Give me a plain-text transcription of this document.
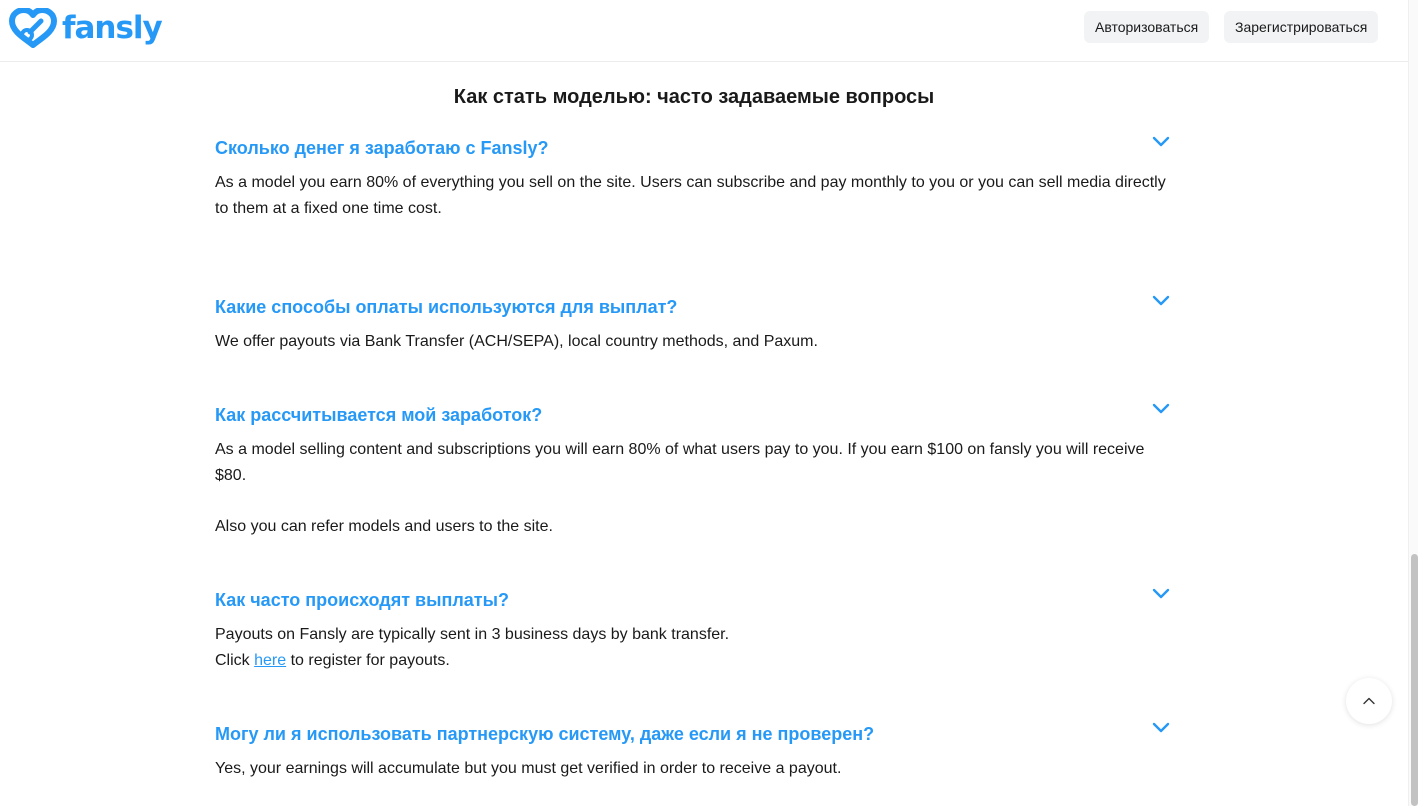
fansly	Авторизоваться	Зарегистрироваться
Как стать моделью: часто задаваемые вопросы
Сколько денег я заработаю с Fansly?

As a model you earn 80% of everything you sell on the site. Users can subscribe and pay monthly to you or you can sell media directly to them at a fixed one time cost.

Какие способы оплаты используются для выплат?

We offer payouts via Bank Transfer (ACH/SEPA), local country methods, and Paxum.

Как рассчитывается мой заработок?

As a model selling content and subscriptions you will earn 80% of what users pay to you. If you earn $100 on fansly you will receive $80.

Also you can refer models and users to the site.

Как часто происходят выплаты?
Payouts on Fansly are typically sent in 3 business days by bank transfer.
Click here to register for payouts.
Могу ли я использовать партнерскую систему, даже если я не проверен?

Yes, your earnings will accumulate but you must get verified in order to receive a payout.
